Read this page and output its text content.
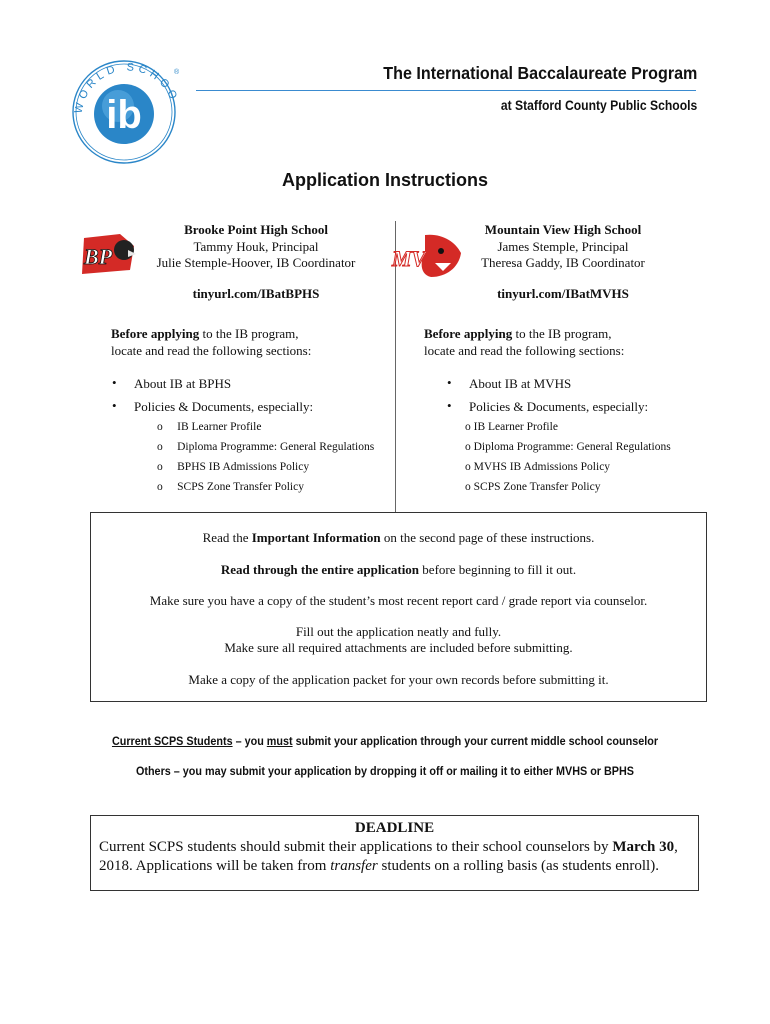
ib
WORLD SCHOO
®	The International Baccalaureate Program
at Stafford County Public Schools
Application Instructions
BP
Brooke Point High School
Tammy Houk, Principal
Julie Stemple-Hoover, IB Coordinator
tinyurl.com/IBatBPHS
Before applying to the IB program,
locate and read the following sections:
• About IB at BPHS
• Policies & Documents, especially:
o     IB Learner Profile
o     Diploma Programme: General Regulations
o     BPHS IB Admissions Policy
o     SCPS Zone Transfer Policy
MV
Mountain View High School
James Stemple, Principal
Theresa Gaddy, IB Coordinator
tinyurl.com/IBatMVHS
Before applying to the IB program,
locate and read the following sections:
• About IB at MVHS
• Policies & Documents, especially:
o IB Learner Profile
o Diploma Programme: General Regulations
o MVHS IB Admissions Policy
o SCPS Zone Transfer Policy
Read the Important Information on the second page of these instructions.
Read through the entire application before beginning to fill it out.
Make sure you have a copy of the student’s most recent report card / grade report via counselor.
Fill out the application neatly and fully.
Make sure all required attachments are included before submitting.
Make a copy of the application packet for your own records before submitting it.
Current SCPS Students – you must submit your application through your current middle school counselor
Others – you may submit your application by dropping it off or mailing it to either MVHS or BPHS
DEADLINE
Current SCPS students should submit their applications to their school counselors by March 30, 2018. Applications will be taken from transfer students on a rolling basis (as students enroll).
